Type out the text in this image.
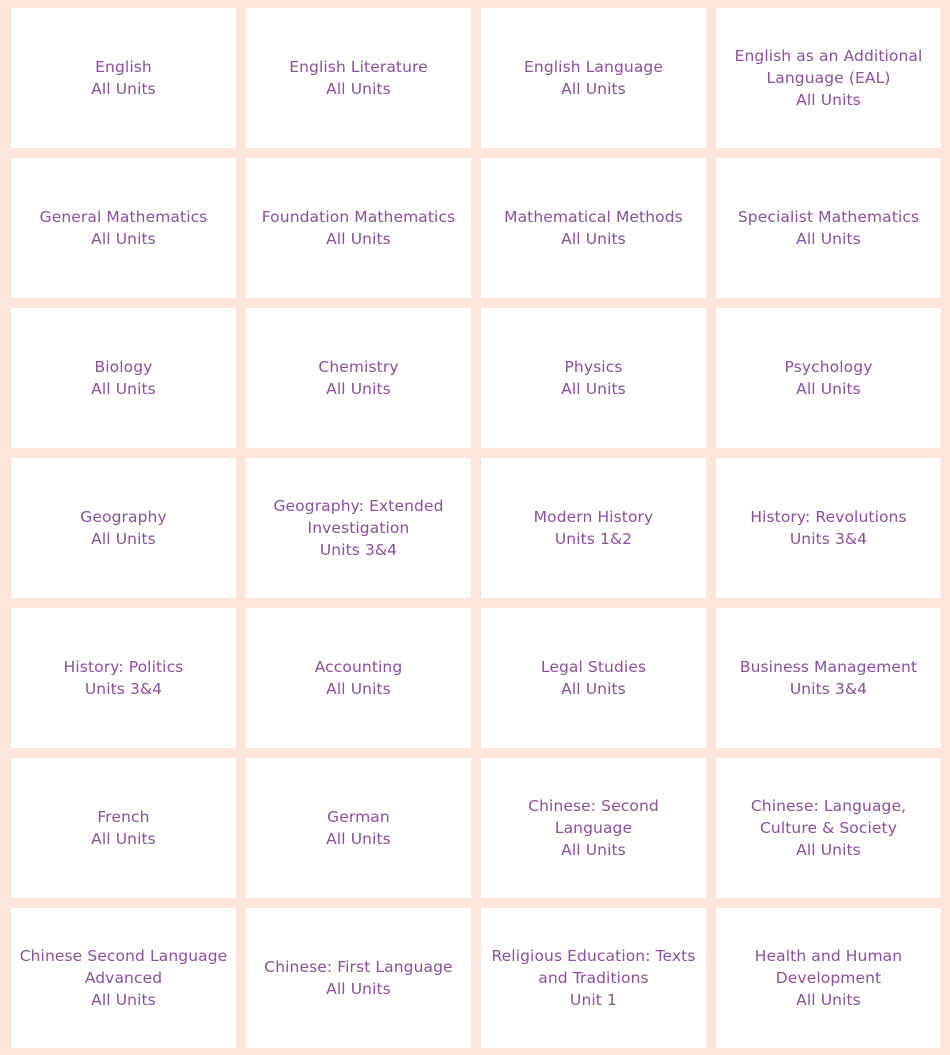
English
All Units
English Literature
All Units
English Language
All Units
English as an Additional Language (EAL)
All Units
General Mathematics
All Units
Foundation Mathematics
All Units
Mathematical Methods
All Units
Specialist Mathematics
All Units
Biology
All Units
Chemistry
All Units
Physics
All Units
Psychology
All Units
Geography
All Units
Geography: Extended Investigation
Units 3&4
Modern History
Units 1&2
History: Revolutions
Units 3&4
History: Politics
Units 3&4
Accounting
All Units
Legal Studies
All Units
Business Management
Units 3&4
French
All Units
German
All Units
Chinese: Second Language
All Units
Chinese: Language, Culture & Society
All Units
Chinese Second Language Advanced
All Units
Chinese: First Language
All Units
Religious Education: Texts and Traditions
Unit 1
Health and Human Development
All Units
